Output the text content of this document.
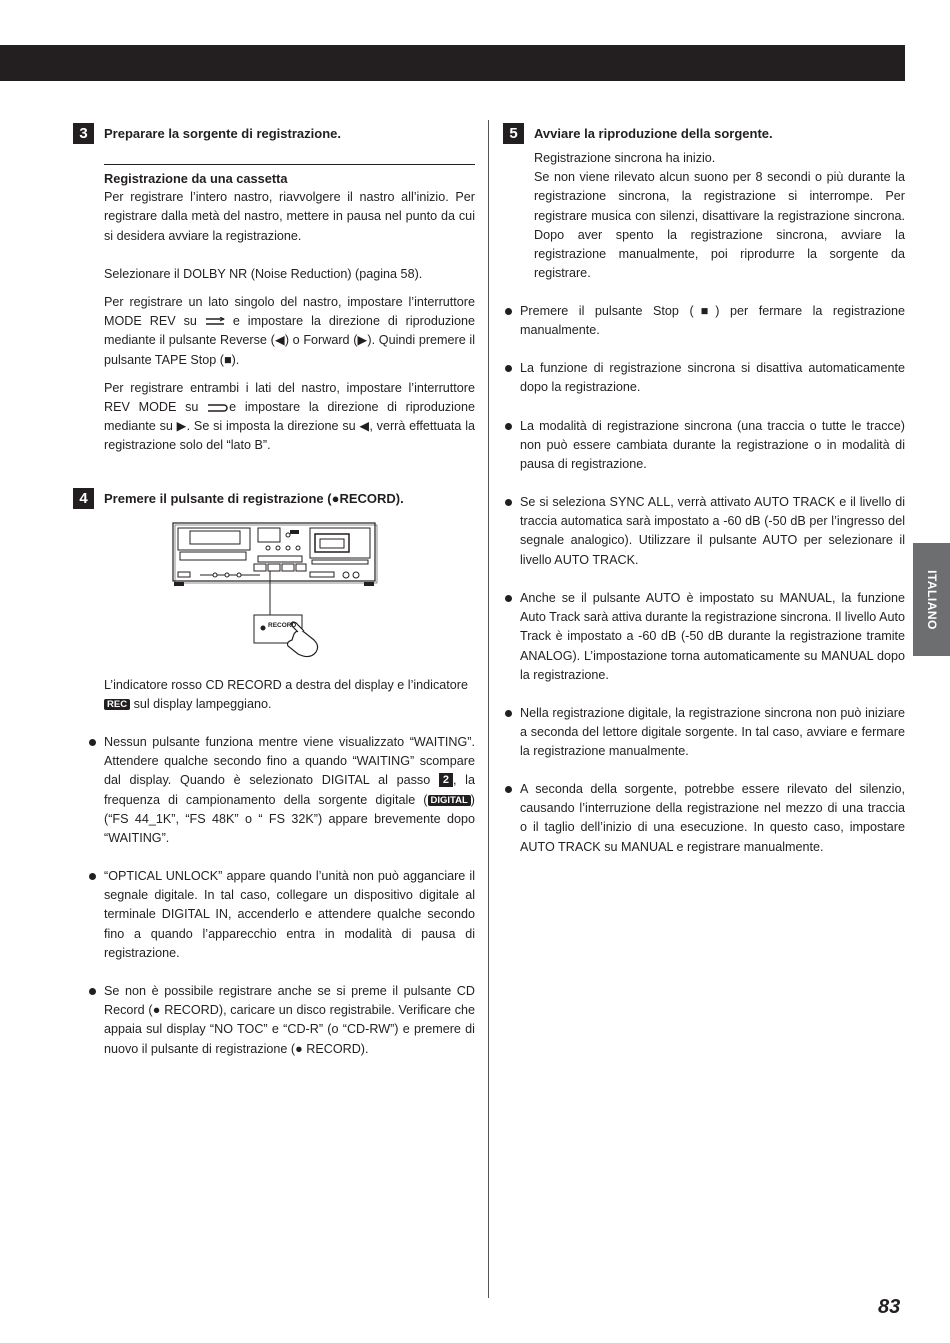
3	Preparare la sorgente di registrazione.
Registrazione da una cassetta

Per registrare l’intero nastro, riavvolgere il nastro all’inizio. Per registrare dalla metà del nastro, mettere in pausa nel punto da cui si desidera avviare la registrazione.

Selezionare il DOLBY NR (Noise Reduction) (pagina 58).

Per registrare un lato singolo del nastro, impostare l’interruttore MODE REV su	e impostare la direzione di riproduzione mediante il pulsante Reverse (◀) o Forward (▶). Quindi premere il pulsante TAPE Stop (■).

Per registrare entrambi i lati del nastro, impostare l’interruttore REV MODE su e impostare la direzione di riproduzione mediante su ▶. Se si imposta la direzione su ◀, verrà effettuata la registrazione solo del “lato B”.

4	Premere il pulsante di registrazione ( ● RECORD).

L’indicatore rosso CD RECORD a destra del display e l’indicatore
REC sul display lampeggiano.

Nessun pulsante funziona mentre viene visualizzato “WAITING”. Attendere qualche secondo fino a quando “WAITING” scompare dal display. Quando è selezionato DIGITAL al passo 2 , la frequenza di campionamento della sorgente digitale ( DIGITAL ) (“FS 44_1K”, “FS 48K” o “ FS 32K”) appare brevemente dopo “WAITING”.

“OPTICAL UNLOCK” appare quando l’unità non può agganciare il segnale digitale. In tal caso, collegare un dispositivo digitale al terminale DIGITAL IN, accenderlo e attendere qualche secondo fino a quando l’apparecchio entra in modalità di pausa di registrazione.

Se non è possibile registrare anche se si preme il pulsante CD Record (● RECORD), caricare un disco registrabile. Verificare che appaia sul display “NO TOC” e “CD-R” (o “CD-RW”) e premere di nuovo il pulsante di registrazione (● RECORD).

RECORD
5	Avviare la riproduzione della sorgente.

Registrazione sincrona ha inizio.

Se non viene rilevato alcun suono per 8 secondi o più durante la registrazione sincrona, la registrazione si interrompe. Per registrare musica con silenzi, disattivare la registrazione sincrona. Dopo aver spento la registrazione sincrona, avviare la registrazione manualmente, poi riprodurre la sorgente da registrare.

Premere il pulsante Stop (■) per fermare la registrazione manualmente.

La funzione di registrazione sincrona si disattiva automaticamente dopo la registrazione.

La modalità di registrazione sincrona (una traccia o tutte le tracce) non può essere cambiata durante la registrazione o in modalità di pausa di registrazione.

Se si seleziona SYNC ALL, verrà attivato AUTO TRACK e il livello di traccia automatica sarà impostato a -60 dB (-50 dB per l’ingresso del segnale analogico). Utilizzare il pulsante AUTO per selezionare il livello AUTO TRACK.

Anche se il pulsante AUTO è impostato su MANUAL, la funzione Auto Track sarà attiva durante la registrazione sincrona. Il livello Auto Track è impostato a -60 dB (-50 dB durante la registrazione tramite ANALOG). L’impostazione torna automaticamente su MANUAL dopo la registrazione.

Nella registrazione digitale, la registrazione sincrona non può iniziare a seconda del lettore digitale sorgente. In tal caso, avviare e fermare la registrazione manualmente.

A seconda della sorgente, potrebbe essere rilevato del silenzio, causando l’interruzione della registrazione nel mezzo di una traccia o il taglio dell’inizio di una esecuzione. In questo caso, impostare AUTO TRACK su MANUAL e registrare manualmente.

ITALIANO
83
